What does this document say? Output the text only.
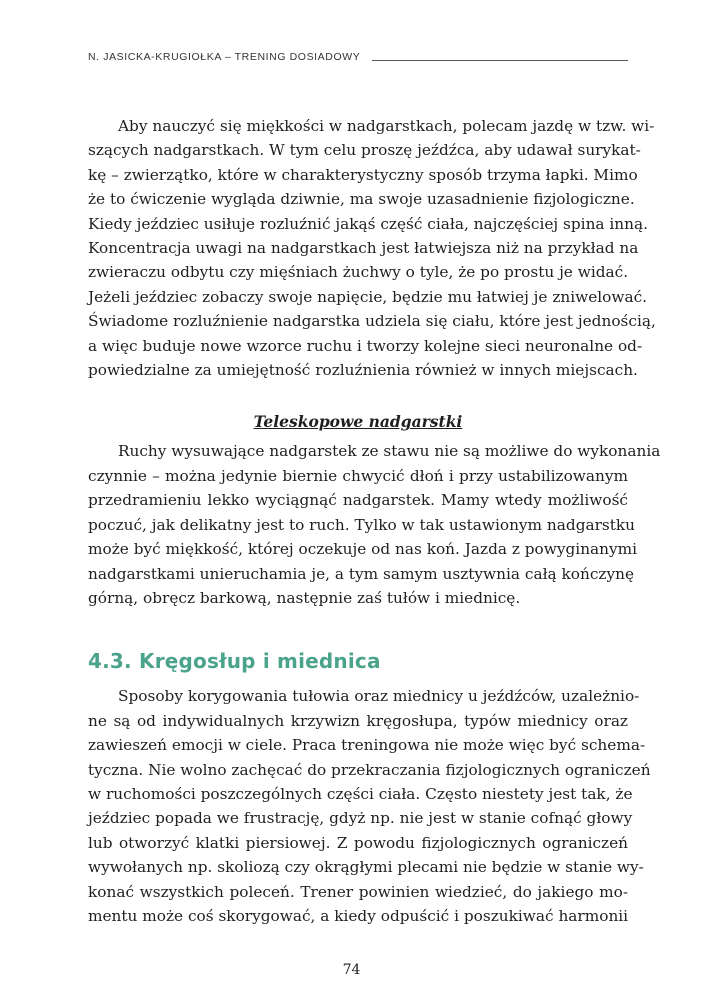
N. JASICKA-KRUGIOŁKA – TRENING DOSIADOWY
Aby nauczyć się miękkości w nadgarstkach, polecam jazdę w tzw. wi-
szących nadgarstkach. W tym celu proszę jeźdźca, aby udawał surykat-
kę – zwierzątko, które w charakterystyczny sposób trzyma łapki. Mimo
że to ćwiczenie wygląda dziwnie, ma swoje uzasadnienie fizjologiczne.
Kiedy jeździec usiłuje rozluźnić jakąś część ciała, najczęściej spina inną.
Koncentracja uwagi na nadgarstkach jest łatwiejsza niż na przykład na
zwieraczu odbytu czy mięśniach żuchwy o tyle, że po prostu je widać.
Jeżeli jeździec zobaczy swoje napięcie, będzie mu łatwiej je zniwelować.
Świadome rozluźnienie nadgarstka udziela się ciału, które jest jednością,
a więc buduje nowe wzorce ruchu i tworzy kolejne sieci neuronalne od-
powiedzialne za umiejętność rozluźnienia również w innych miejscach.
Teleskopowe nadgarstki
Ruchy wysuwające nadgarstek ze stawu nie są możliwe do wykonania
czynnie – można jedynie biernie chwycić dłoń i przy ustabilizowanym
przedramieniu lekko wyciągnąć nadgarstek. Mamy wtedy możliwość
poczuć, jak delikatny jest to ruch. Tylko w tak ustawionym nadgarstku
może być miękkość, której oczekuje od nas koń. Jazda z powyginanymi
nadgarstkami unieruchamia je, a tym samym usztywnia całą kończynę
górną, obręcz barkową, następnie zaś tułów i miednicę.
4.3. Kręgosłup i miednica
Sposoby korygowania tułowia oraz miednicy u jeźdźców, uzależnio-
ne są od indywidualnych krzywizn kręgosłupa, typów miednicy oraz
zawieszeń emocji w ciele. Praca treningowa nie może więc być schema-
tyczna. Nie wolno zachęcać do przekraczania fizjologicznych ograniczeń
w ruchomości poszczególnych części ciała. Często niestety jest tak, że
jeździec popada we frustrację, gdyż np. nie jest w stanie cofnąć głowy
lub otworzyć klatki piersiowej. Z powodu fizjologicznych ograniczeń
wywołanych np. skoliozą czy okrągłymi plecami nie będzie w stanie wy-
konać wszystkich poleceń. Trener powinien wiedzieć, do jakiego mo-
mentu może coś skorygować, a kiedy odpuścić i poszukiwać harmonii
74
